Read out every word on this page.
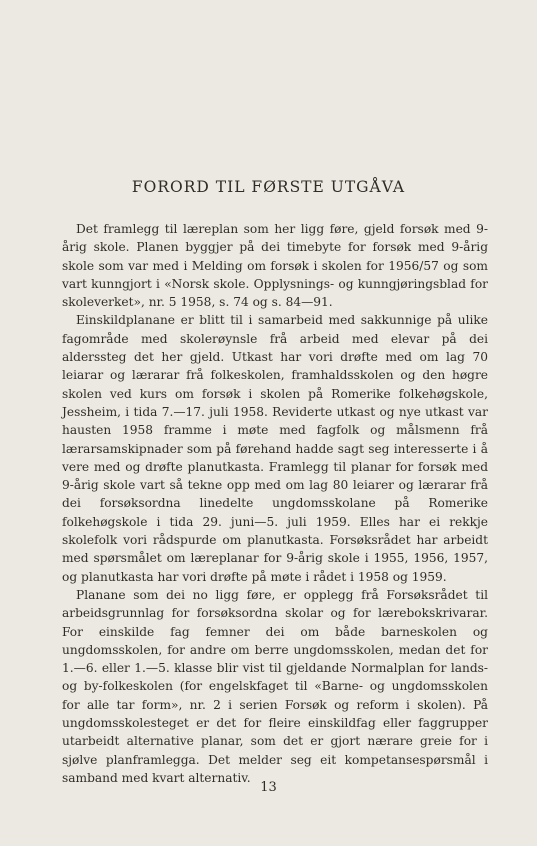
FORORD TIL FØRSTE UTGÅVA

Det framlegg til læreplan som her ligg føre, gjeld forsøk med 9-årig skole. Planen byggjer på dei timebyte for forsøk med 9-årig skole som var med i Melding om forsøk i skolen for 1956/57 og som vart kunngjort i «Norsk skole. Opplysnings- og kunngjøringsblad for skoleverket», nr. 5 1958, s. 74 og s. 84—91.

Einskildplanane er blitt til i samarbeid med sakkunnige på ulike fagområde med skolerøynsle frå arbeid med elevar på dei alderssteg det her gjeld. Utkast har vori drøfte med om lag 70 leiarar og lærarar frå folkeskolen, framhaldsskolen og den høgre skolen ved kurs om forsøk i skolen på Romerike folkehøgskole, Jessheim, i tida 7.—17. juli 1958. Reviderte utkast og nye utkast var hausten 1958 framme i møte med fagfolk og målsmenn frå lærarsamskipnader som på førehand hadde sagt seg interesserte i å vere med og drøfte planutkasta. Framlegg til planar for forsøk med 9-årig skole vart så tekne opp med om lag 80 leiarer og lærarar frå dei forsøksordna linedelte ungdomsskolane på Romerike folkehøgskole i tida 29. juni—5. juli 1959. Elles har ei rekkje skolefolk vori rådspurde om planutkasta. Forsøksrådet har arbeidt med spørsmålet om læreplanar for 9-årig skole i 1955, 1956, 1957, og planutkasta har vori drøfte på møte i rådet i 1958 og 1959.

Planane som dei no ligg føre, er opplegg frå Forsøksrådet til arbeidsgrunnlag for forsøksordna skolar og for lærebokskrivarar. For einskilde fag femner dei om både barneskolen og ungdomsskolen, for andre om berre ungdomsskolen, medan det for 1.—6. eller 1.—5. klasse blir vist til gjeldande Normalplan for lands- og by-folkeskolen (for engelskfaget til «Barne- og ungdomsskolen for alle tar form», nr. 2 i serien Forsøk og reform i skolen). På ungdomsskolesteget er det for fleire einskildfag eller faggrupper utarbeidt alternative planar, som det er gjort nærare greie for i sjølve planframlegga. Det melder seg eit kompetansespørsmål i samband med kvart alternativ.

13
